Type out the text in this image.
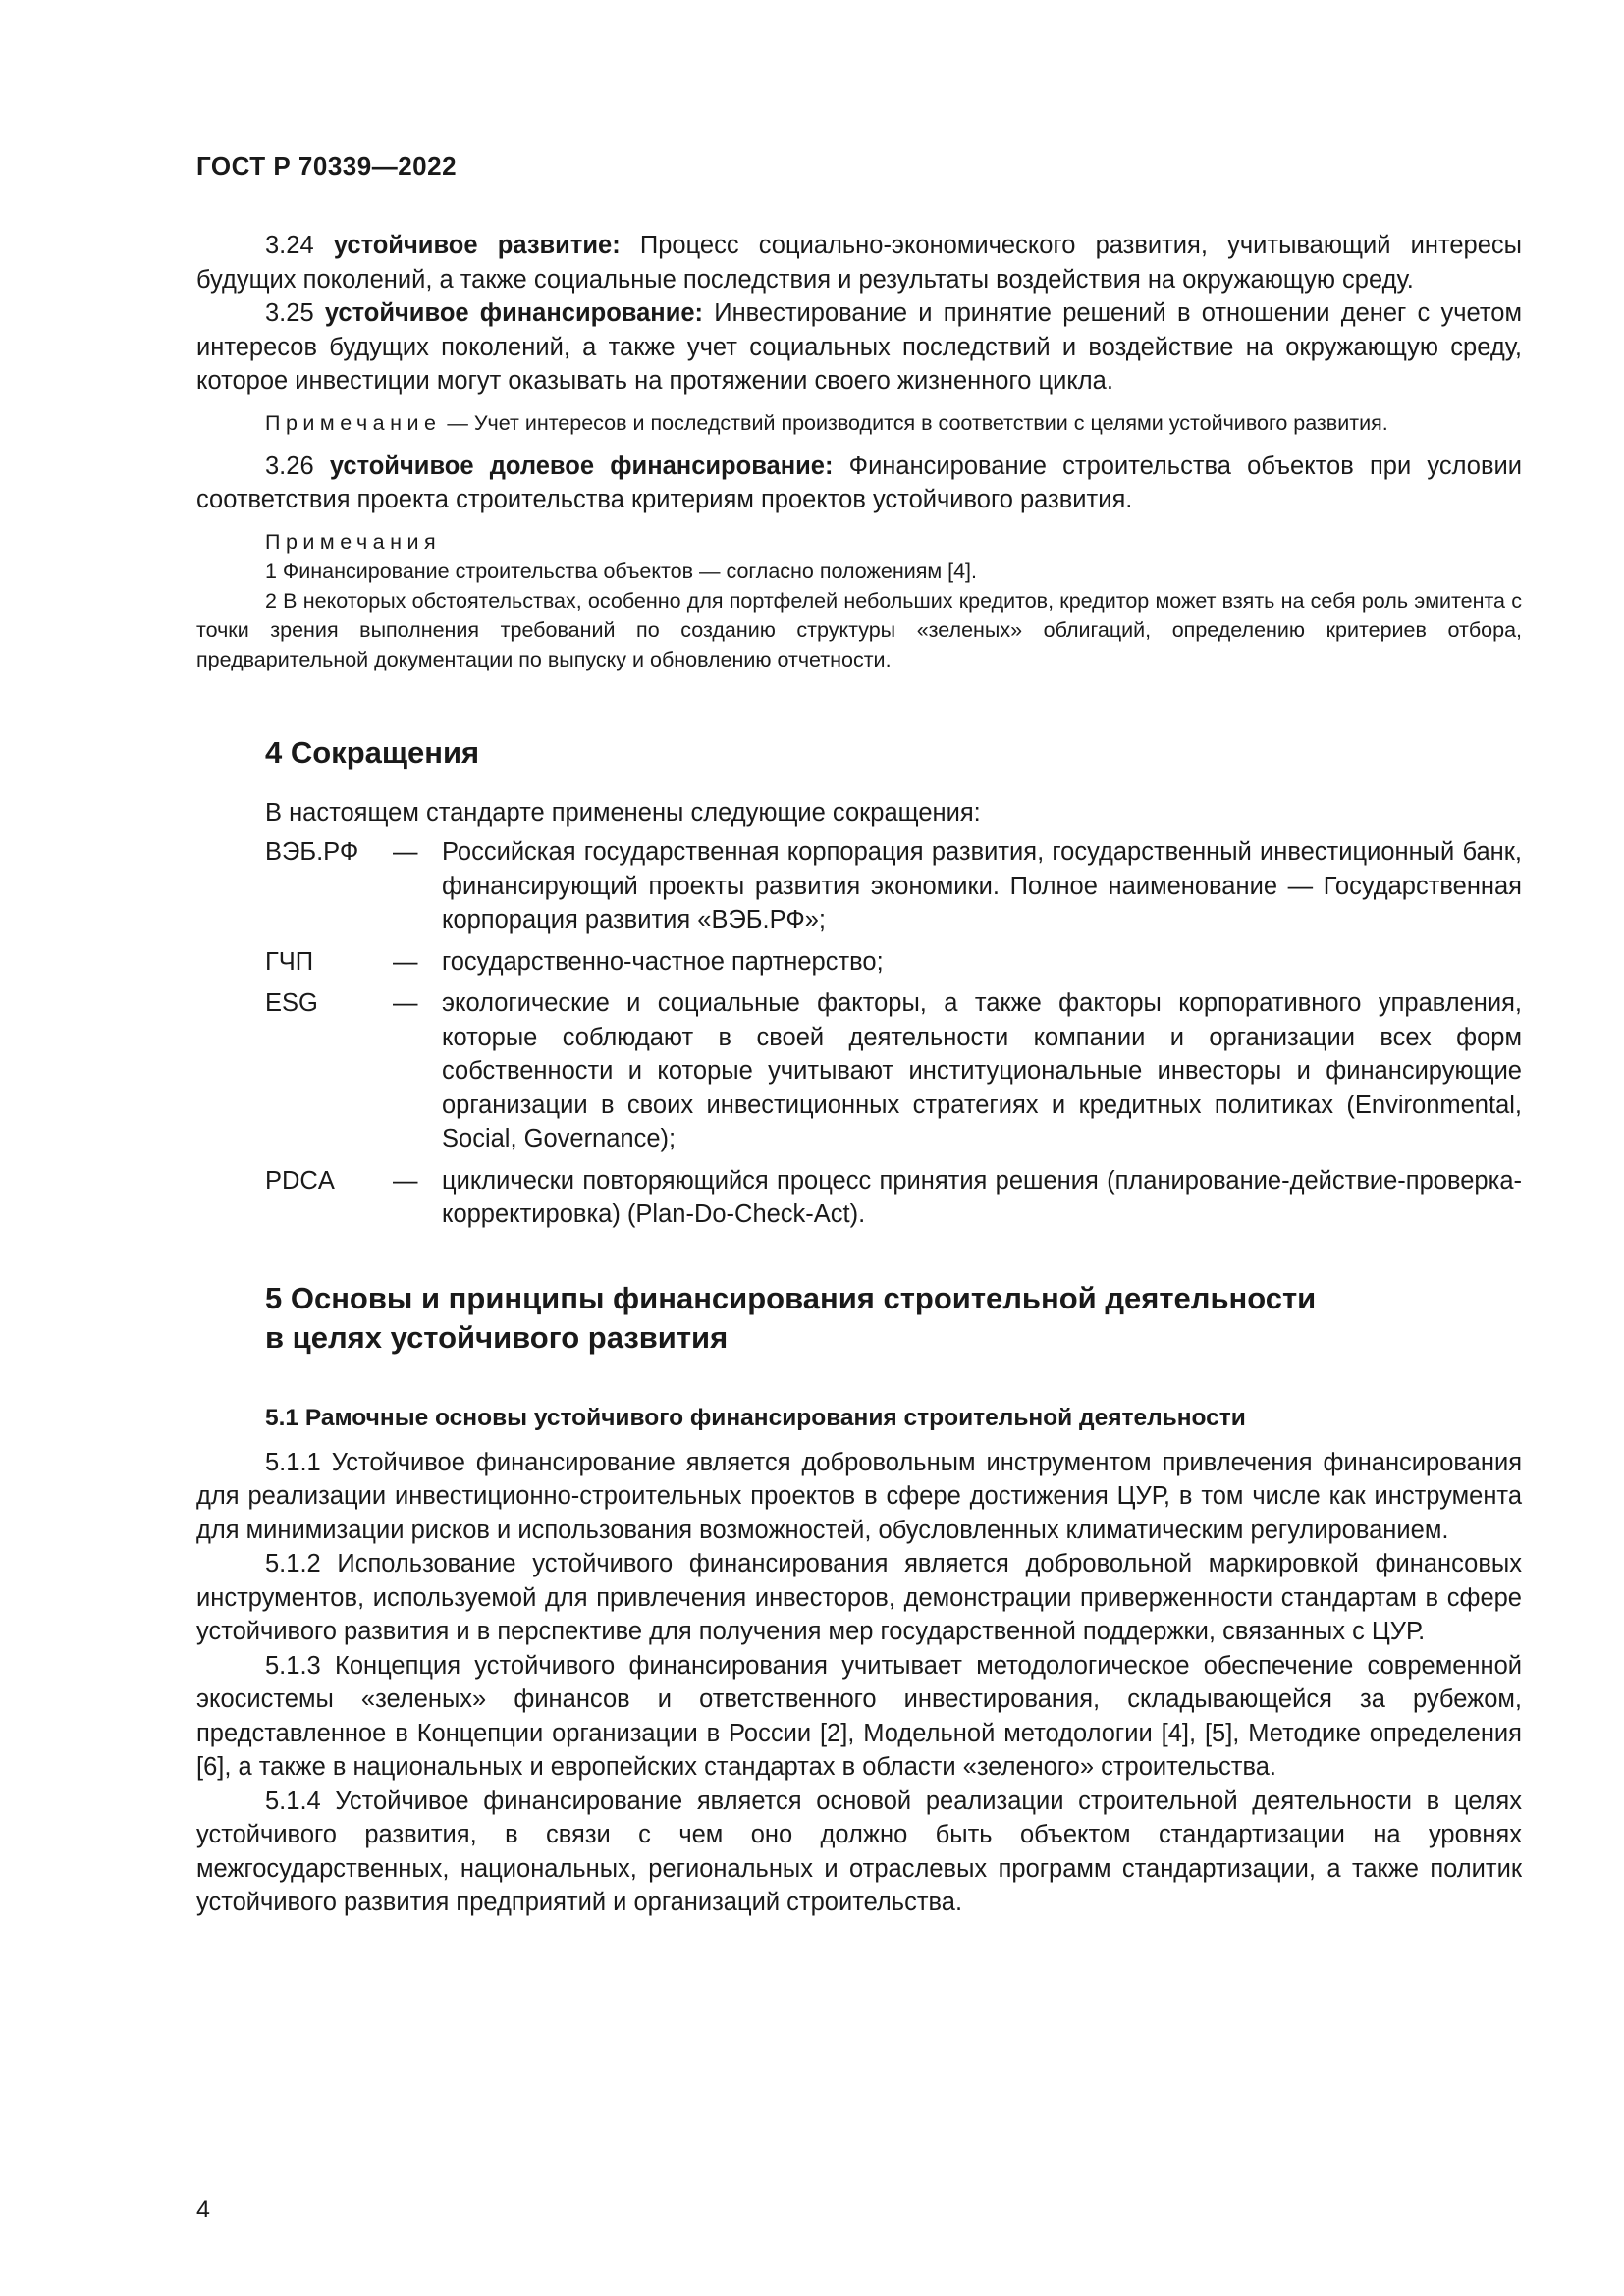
ГОСТ Р 70339—2022

3.24 устойчивое развитие: Процесс социально-экономического развития, учитывающий интересы будущих поколений, а также социальные последствия и результаты воздействия на окружающую среду.

3.25 устойчивое финансирование: Инвестирование и принятие решений в отношении денег с учетом интересов будущих поколений, а также учет социальных последствий и воздействие на окружающую среду, которое инвестиции могут оказывать на протяжении своего жизненного цикла.

Примечание — Учет интересов и последствий производится в соответствии с целями устойчивого развития.

3.26 устойчивое долевое финансирование: Финансирование строительства объектов при условии соответствия проекта строительства критериям проектов устойчивого развития.

Примечания

1 Финансирование строительства объектов — согласно положениям [4].

2 В некоторых обстоятельствах, особенно для портфелей небольших кредитов, кредитор может взять на себя роль эмитента с точки зрения выполнения требований по созданию структуры «зеленых» облигаций, определению критериев отбора, предварительной документации по выпуску и обновлению отчетности.

4 Сокращения

В настоящем стандарте применены следующие сокращения:

ВЭБ.РФ	—	Российская государственная корпорация развития, государственный инвестиционный банк, финансирующий проекты развития экономики. Полное наименование — Государственная корпорация развития «ВЭБ.РФ»;
ГЧП	—	государственно-частное партнерство;
ESG	—	экологические и социальные факторы, а также факторы корпоративного управления, которые соблюдают в своей деятельности компании и организации всех форм собственности и которые учитывают институциональные инвесторы и финансирующие организации в своих инвестиционных стратегиях и кредитных политиках (Environmental, Social, Governance);
PDCA	—	циклически повторяющийся процесс принятия решения (планирование-действие-проверка-корректировка) (Plan-Do-Check-Act).
5 Основы и принципы финансирования строительной деятельности
в целях устойчивого развития
5.1 Рамочные основы устойчивого финансирования строительной деятельности

5.1.1 Устойчивое финансирование является добровольным инструментом привлечения финансирования для реализации инвестиционно-строительных проектов в сфере достижения ЦУР, в том числе как инструмента для минимизации рисков и использования возможностей, обусловленных климатическим регулированием.

5.1.2 Использование устойчивого финансирования является добровольной маркировкой финансовых инструментов, используемой для привлечения инвесторов, демонстрации приверженности стандартам в сфере устойчивого развития и в перспективе для получения мер государственной поддержки, связанных с ЦУР.

5.1.3 Концепция устойчивого финансирования учитывает методологическое обеспечение современной экосистемы «зеленых» финансов и ответственного инвестирования, складывающейся за рубежом, представленное в Концепции организации в России [2], Модельной методологии [4], [5], Методике определения [6], а также в национальных и европейских стандартах в области «зеленого» строительства.

5.1.4 Устойчивое финансирование является основой реализации строительной деятельности в целях устойчивого развития, в связи с чем оно должно быть объектом стандартизации на уровнях межгосударственных, национальных, региональных и отраслевых программ стандартизации, а также политик устойчивого развития предприятий и организаций строительства.

4
